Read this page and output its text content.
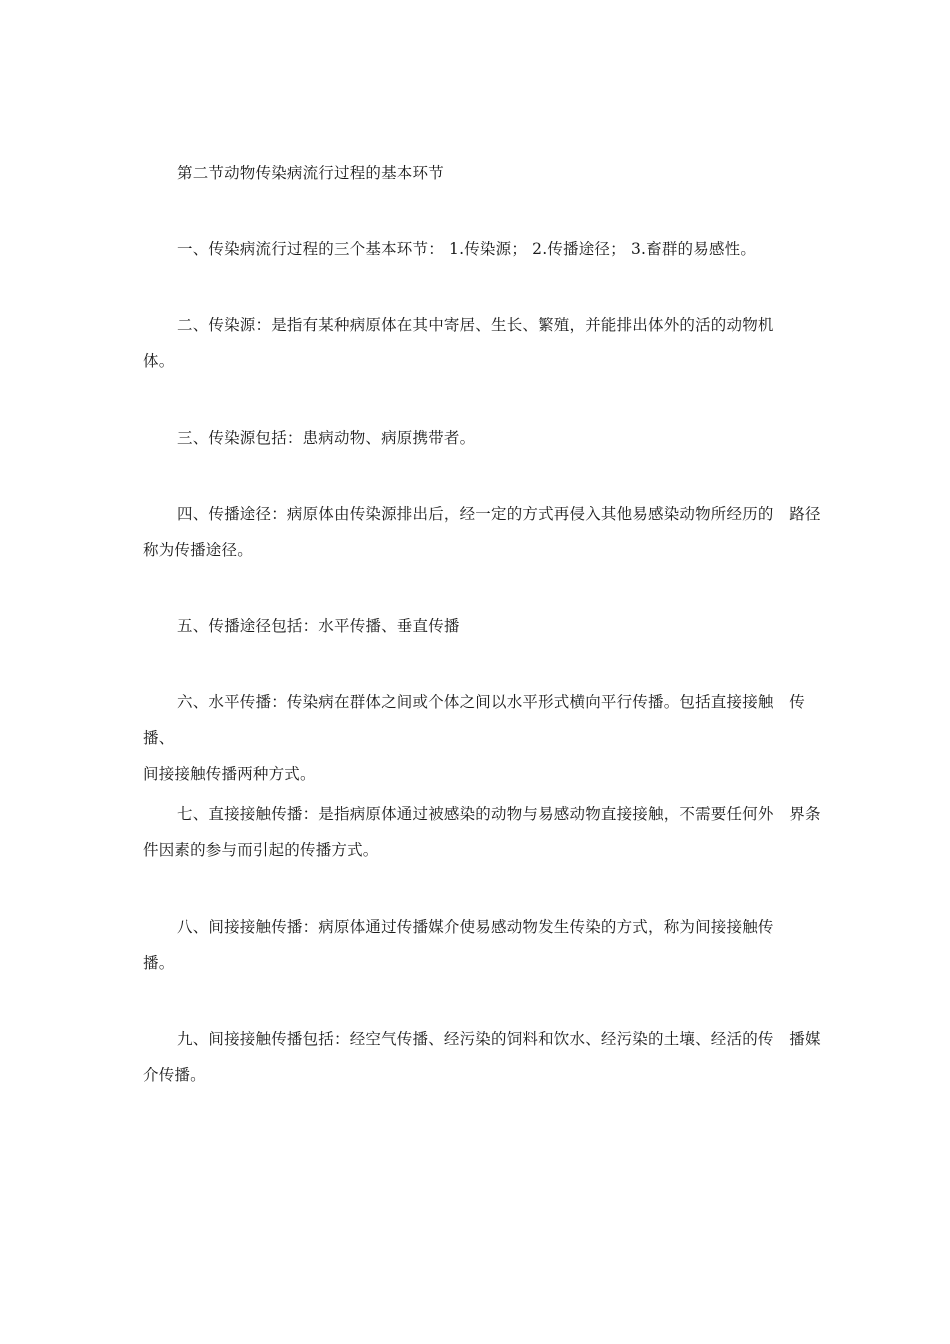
第二节动物传染病流行过程的基本环节
一、传染病流行过程的三个基本环节： 1.传染源； 2.传播途径； 3.畜群的易感性。
二、传染源：是指有某种病原体在其中寄居、生长、繁殖，并能排出体外的活的动物机
体。
三、传染源包括：患病动物、病原携带者。
四、传播途径：病原体由传染源排出后，经一定的方式再侵入其他易感染动物所经历的　路径
称为传播途径。
五、传播途径包括：水平传播、垂直传播
六、水平传播：传染病在群体之间或个体之间以水平形式横向平行传播。包括直接接触　传播、
间接接触传播两种方式。
七、直接接触传播：是指病原体通过被感染的动物与易感动物直接接触，不需要任何外　界条
件因素的参与而引起的传播方式。
八、间接接触传播：病原体通过传播媒介使易感动物发生传染的方式，称为间接接触传
播。
九、间接接触传播包括：经空气传播、经污染的饲料和饮水、经污染的土壤、经活的传　播媒
介传播。
